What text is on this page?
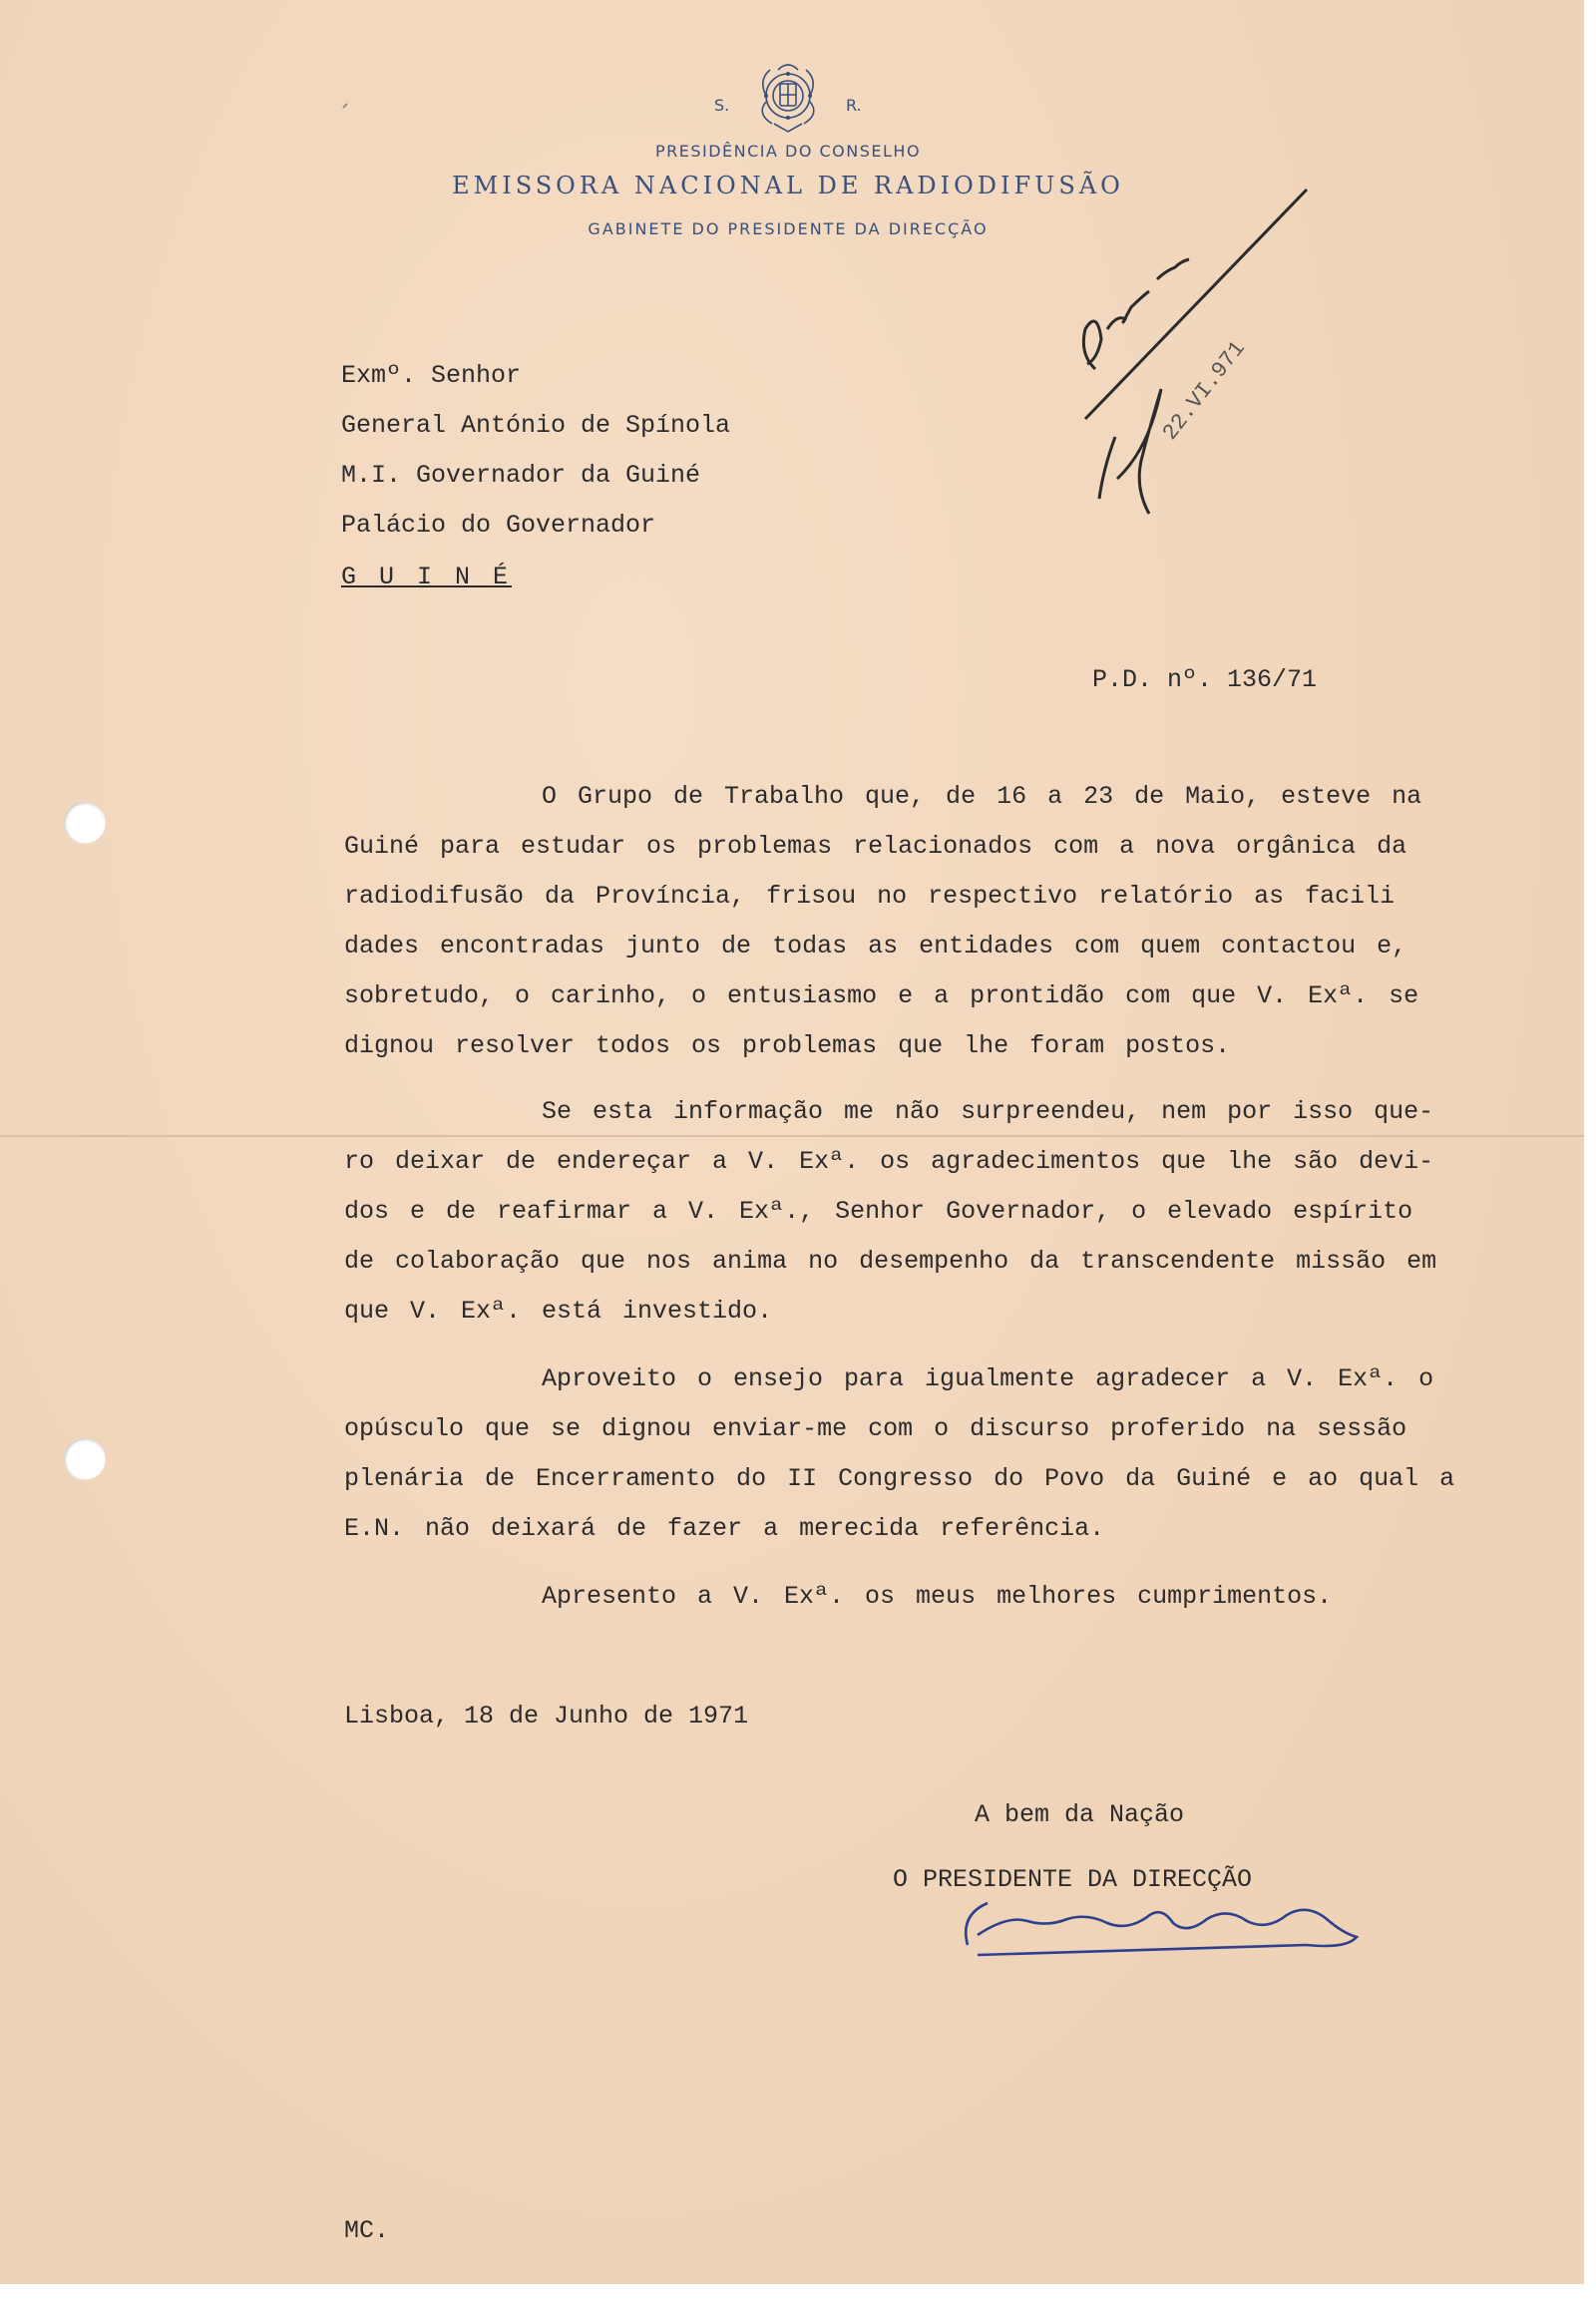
S.	R.
PRESIDÊNCIA DO CONSELHO
EMISSORA NACIONAL DE RADIODIFUSÃO
GABINETE DO PRESIDENTE DA DIRECÇÃO
22.VI.971
Exmº. Senhor
General António de Spínola
M.I. Governador da Guiné
Palácio do Governador
G U I N É
P.D. nº. 136/71
O Grupo de Trabalho que, de 16 a 23 de Maio, esteve na
Guiné para estudar os problemas relacionados com a nova orgânica da
radiodifusão da Província, frisou no respectivo relatório as facili
dades encontradas junto de todas as entidades com quem contactou e,
sobretudo, o carinho, o entusiasmo e a prontidão com que V. Exª. se
dignou resolver todos os problemas que lhe foram postos.
Se esta informação me não surpreendeu, nem por isso que-
ro deixar de endereçar a V. Exª. os agradecimentos que lhe são devi-
dos e de reafirmar a V. Exª., Senhor Governador, o elevado espírito
de colaboração que nos anima no desempenho da transcendente missão em
que V. Exª. está investido.
Aproveito o ensejo para igualmente agradecer a V. Exª. o
opúsculo que se dignou enviar-me com o discurso proferido na sessão
plenária de Encerramento do II Congresso do Povo da Guiné e ao qual a
E.N. não deixará de fazer a merecida referência.
Apresento a V. Exª. os meus melhores cumprimentos.
Lisboa, 18 de Junho de 1971
A bem da Nação
O PRESIDENTE DA DIRECÇÃO
MC.
